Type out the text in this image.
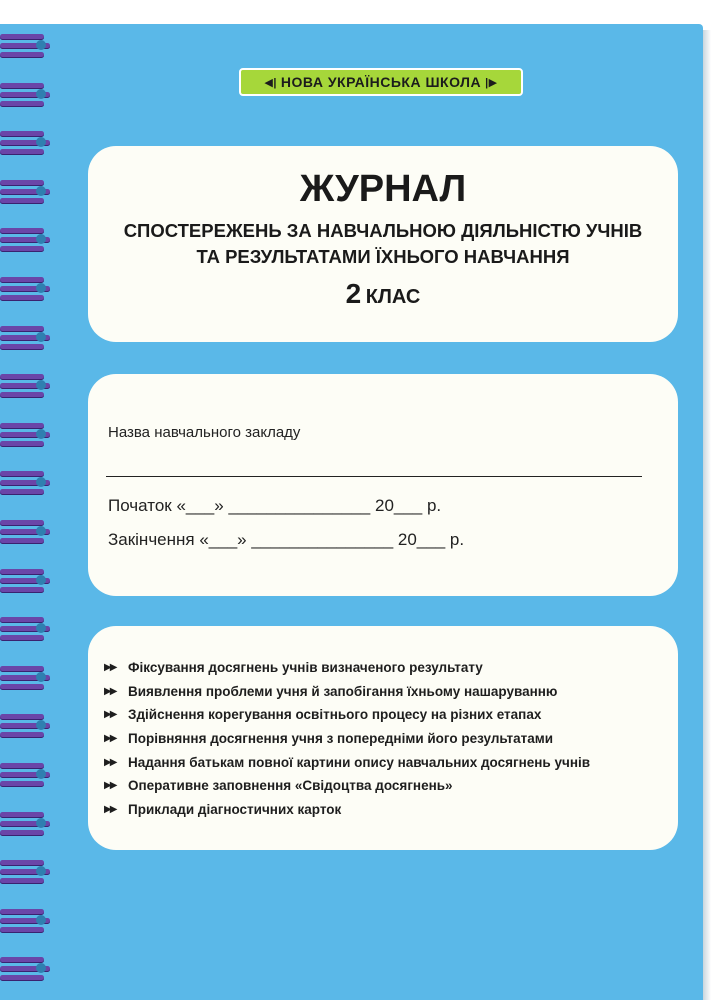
◀| НОВА УКРАЇНСЬКА ШКОЛА |▶
ЖУРНАЛ
СПОСТЕРЕЖЕНЬ ЗА НАВЧАЛЬНОЮ ДІЯЛЬНІСТЮ УЧНІВ
ТА РЕЗУЛЬТАТАМИ ЇХНЬОГО НАВЧАННЯ
2 КЛАС
Назва навчального закладу
Початок «___» _______________ 20___ р.
Закінчення «___» _______________ 20___ р.
▶▶ Фіксування досягнень учнів визначеного результату
▶▶ Виявлення проблеми учня й запобігання їхньому нашаруванню
▶▶ Здійснення корегування освітнього процесу на різних етапах
▶▶ Порівняння досягнення учня з попередніми його результатами
▶▶ Надання батькам повної картини опису навчальних досягнень учнів
▶▶ Оперативне заповнення «Свідоцтва досягнень»
▶▶ Приклади діагностичних карток
